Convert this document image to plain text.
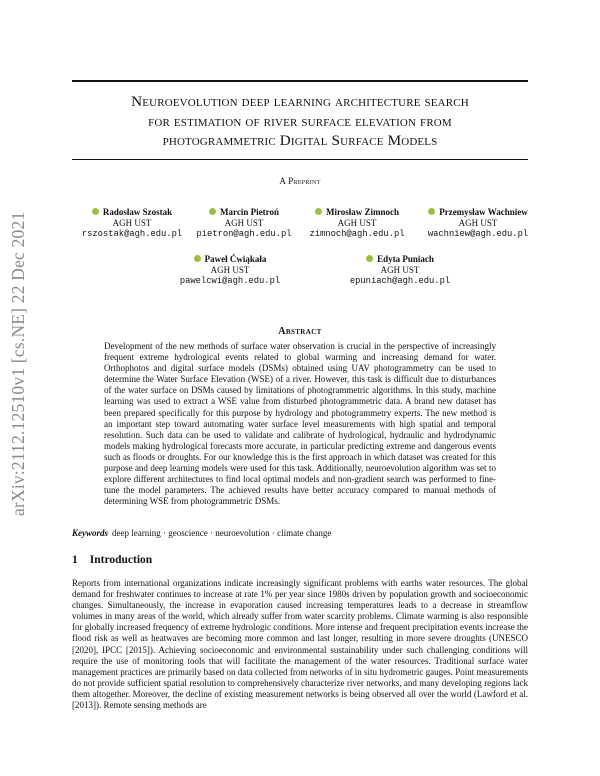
arXiv:2112.12510v1 [cs.NE] 22 Dec 2021
Neuroevolution deep learning architecture search
for estimation of river surface elevation from
photogrammetric Digital Surface Models
A Preprint
Radosław Szostak
AGH UST
rszostak@agh.edu.pl
Marcin Pietroń
AGH UST
pietron@agh.edu.pl
Mirosław Zimnoch
AGH UST
zimnoch@agh.edu.pl
Przemysław Wachniew
AGH UST
wachniew@agh.edu.pl
Paweł Ćwiąkała
AGH UST
pawelcwi@agh.edu.pl
Edyta Puniach
AGH UST
epuniach@agh.edu.pl
Abstract
Development of the new methods of surface water observation is crucial in the perspective of increasingly frequent extreme hydrological events related to global warming and increasing demand for water. Orthophotos and digital surface models (DSMs) obtained using UAV photogrammetry can be used to determine the Water Surface Elevation (WSE) of a river. However, this task is difficult due to disturbances of the water surface on DSMs caused by limitations of photogrammetric algorithms. In this study, machine learning was used to extract a WSE value from disturbed photogrammetric data. A brand new dataset has been prepared specifically for this purpose by hydrology and photogrammetry experts. The new method is an important step toward automating water surface level measurements with high spatial and temporal resolution. Such data can be used to validate and calibrate of hydrological, hydraulic and hydrodynamic models making hydrological forecasts more accurate, in particular predicting extreme and dangerous events such as floods or droughts. For our knowledge this is the first approach in which dataset was created for this purpose and deep learning models were used for this task. Additionally, neuroevolution algorithm was set to explore different architectures to find local optimal models and non-gradient search was performed to fine-tune the model parameters. The achieved results have better accuracy compared to manual methods of determining WSE from photogrammetric DSMs.
Keywords deep learning · geoscience · neuroevolution · climate change
1 Introduction
Reports from international organizations indicate increasingly significant problems with earths water resources. The global demand for freshwater continues to increase at rate 1% per year since 1980s driven by population growth and socioeconomic changes. Simultaneously, the increase in evaporation caused increasing temperatures leads to a decrease in streamflow volumes in many areas of the world, which already suffer from water scarcity problems. Climate warming is also responsible for globally increased frequency of extreme hydrologic conditions. More intense and frequent precipitation events increase the flood risk as well as heatwaves are becoming more common and last longer, resulting in more severe droughts (UNESCO [2020], IPCC [2015]). Achieving socioeconomic and environmental sustainability under such challenging conditions will require the use of monitoring tools that will facilitate the management of the water resources. Traditional surface water management practices are primarily based on data collected from networks of in situ hydrometric gauges. Point measurements do not provide sufficient spatial resolution to comprehensively characterize river networks, and many developing regions lack them altogether. Moreover, the decline of existing measurement networks is being observed all over the world (Lawford et al. [2013]). Remote sensing methods are
